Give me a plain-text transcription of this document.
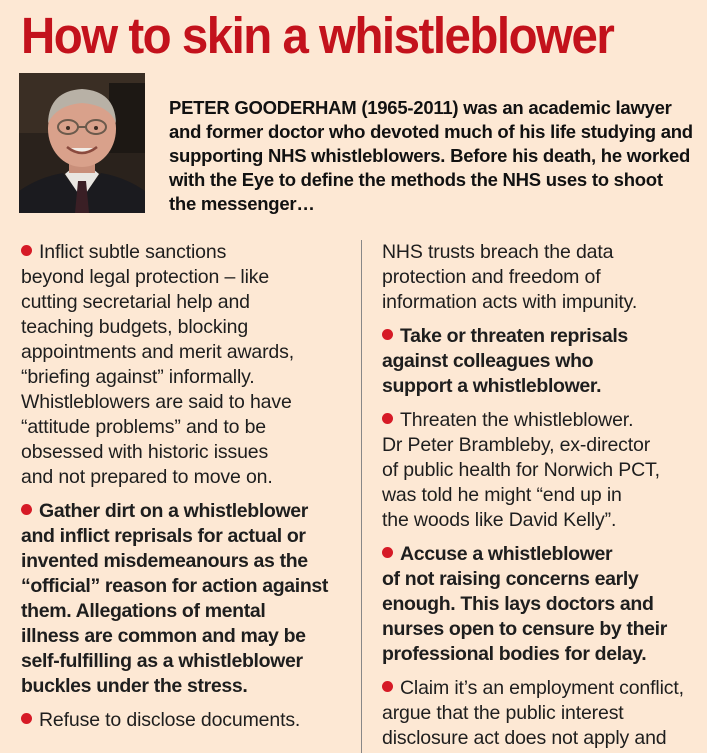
How to skin a whistleblower

PETER GOODERHAM (1965-2011) was an academic lawyer and former doctor who devoted much of his life studying and supporting NHS whistleblowers. Before his death, he worked with the Eye to define the methods the NHS uses to shoot the messenger…

Inflict subtle sanctions
beyond legal protection – like
cutting secretarial help and
teaching budgets, blocking
appointments and merit awards,
“briefing against” informally.
Whistleblowers are said to have
“attitude problems” and to be
obsessed with historic issues
and not prepared to move on.

Gather dirt on a whistleblower
and inflict reprisals for actual or
invented misdemeanours as the
“official” reason for action against
them. Allegations of mental
illness are common and may be
self-fulfilling as a whistleblower
buckles under the stress.

Refuse to disclose documents.

NHS trusts breach the data
protection and freedom of
information acts with impunity.

Take or threaten reprisals
against colleagues who
support a whistleblower.

Threaten the whistleblower.
Dr Peter Brambleby, ex-director
of public health for Norwich PCT,
was told he might “end up in
the woods like David Kelly”.

Accuse a whistleblower
of not raising concerns early
enough. This lays doctors and
nurses open to censure by their
professional bodies for delay.

Claim it’s an employment conflict,
argue that the public interest
disclosure act does not apply and
